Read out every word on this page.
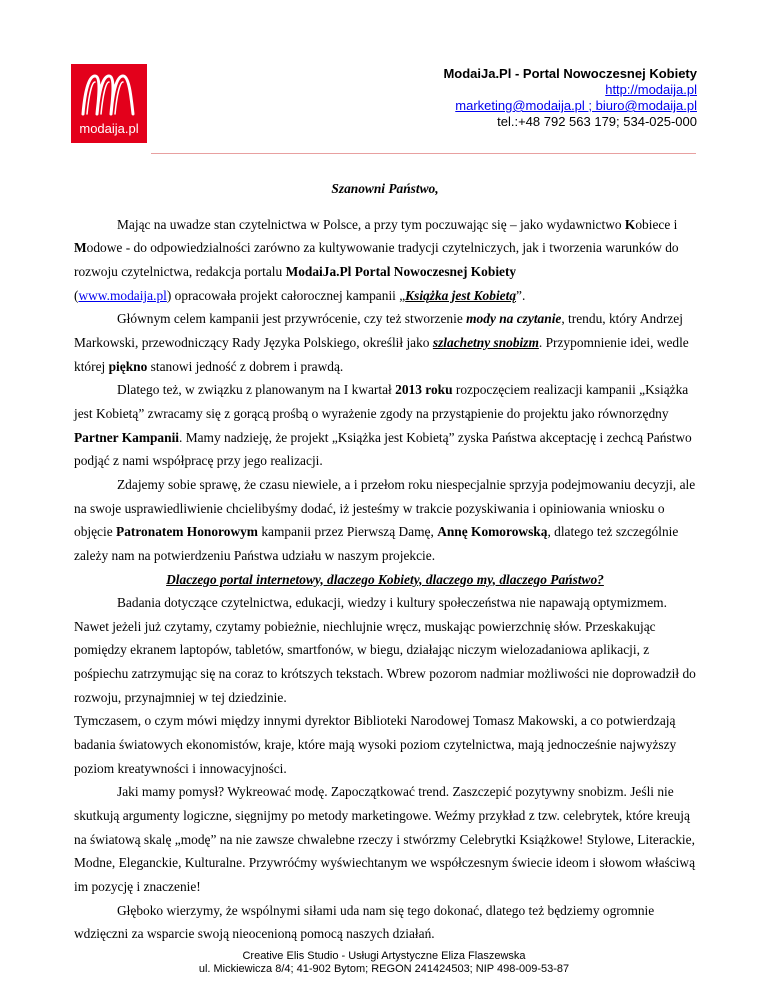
modaija.pl
ModaiJa.Pl - Portal Nowoczesnej Kobiety
http://modaija.pl
marketing@modaija.pl ; biuro@modaija.pl
tel.:+48 792 563 179; 534-025-000

Szanowni Państwo,

Mając na uwadze stan czytelnictwa w Polsce, a przy tym poczuwając się – jako wydawnictwo Kobiece i Modowe - do odpowiedzialności zarówno za kultywowanie tradycji czytelniczych, jak i tworzenia warunków do rozwoju czytelnictwa, redakcja portalu ModaiJa.Pl Portal Nowoczesnej Kobiety
(www.modaija.pl) opracowała projekt całorocznej kampanii „Książka jest Kobietą”.

Głównym celem kampanii jest przywrócenie, czy też stworzenie mody na czytanie, trendu, który Andrzej Markowski, przewodniczący Rady Języka Polskiego, określił jako szlachetny snobizm. Przypomnienie idei, wedle której piękno stanowi jedność z dobrem i prawdą.

Dlatego też, w związku z planowanym na I kwartał 2013 roku rozpoczęciem realizacji kampanii „Książka jest Kobietą” zwracamy się z gorącą prośbą o wyrażenie zgody na przystąpienie do projektu jako równorzędny Partner Kampanii. Mamy nadzieję, że projekt „Książka jest Kobietą” zyska Państwa akceptację i zechcą Państwo podjąć z nami współpracę przy jego realizacji.

Zdajemy sobie sprawę, że czasu niewiele, a i przełom roku niespecjalnie sprzyja podejmowaniu decyzji, ale na swoje usprawiedliwienie chcielibyśmy dodać, iż jesteśmy w trakcie pozyskiwania i opiniowania wniosku o objęcie Patronatem Honorowym kampanii przez Pierwszą Damę, Annę Komorowską, dlatego też szczególnie zależy nam na potwierdzeniu Państwa udziału w naszym projekcie.

Dlaczego portal internetowy, dlaczego Kobiety, dlaczego my, dlaczego Państwo?

Badania dotyczące czytelnictwa, edukacji, wiedzy i kultury społeczeństwa nie napawają optymizmem. Nawet jeżeli już czytamy, czytamy pobieżnie, niechlujnie wręcz, muskając powierzchnię słów. Przeskakując pomiędzy ekranem laptopów, tabletów, smartfonów, w biegu, działając niczym wielozadaniowa aplikacji, z pośpiechu zatrzymując się na coraz to krótszych tekstach. Wbrew pozorom nadmiar możliwości nie doprowadził do rozwoju, przynajmniej w tej dziedzinie.

Tymczasem, o czym mówi między innymi dyrektor Biblioteki Narodowej Tomasz Makowski, a co potwierdzają badania światowych ekonomistów, kraje, które mają wysoki poziom czytelnictwa, mają jednocześnie najwyższy poziom kreatywności i innowacyjności.

Jaki mamy pomysł? Wykreować modę. Zapoczątkować trend. Zaszczepić pozytywny snobizm. Jeśli nie skutkują argumenty logiczne, sięgnijmy po metody marketingowe. Weźmy przykład z tzw. celebrytek, które kreują na światową skalę „modę” na nie zawsze chwalebne rzeczy i stwórzmy Celebrytki Książkowe! Stylowe, Literackie, Modne, Eleganckie, Kulturalne. Przywróćmy wyświechtanym we współczesnym świecie ideom i słowom właściwą im pozycję i znaczenie!

Głęboko wierzymy, że wspólnymi siłami uda nam się tego dokonać, dlatego też będziemy ogromnie wdzięczni za wsparcie swoją nieocenioną pomocą naszych działań.

Creative Elis Studio - Usługi Artystyczne Eliza Flaszewska
ul. Mickiewicza 8/4; 41-902 Bytom; REGON 241424503; NIP 498-009-53-87
